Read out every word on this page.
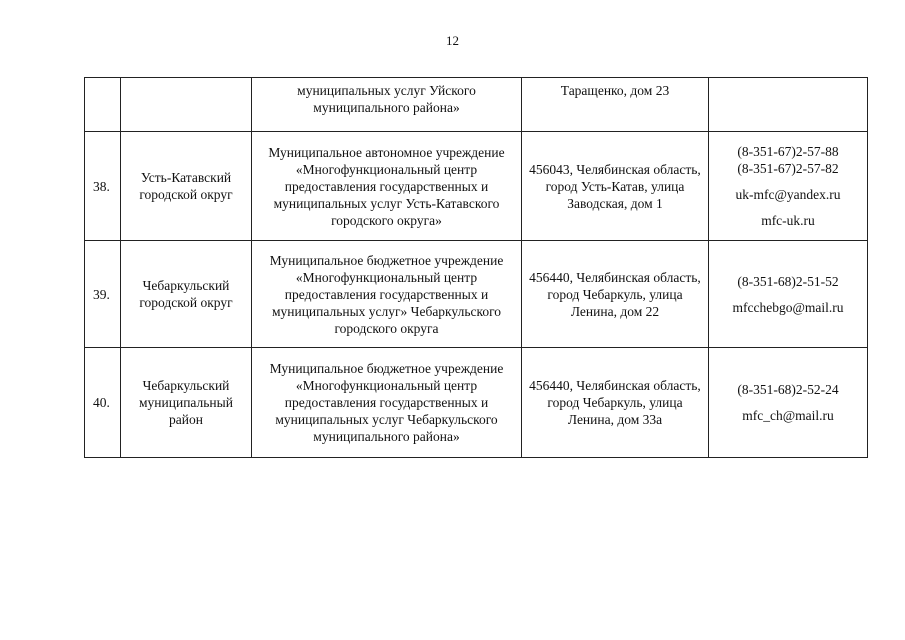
12
		муниципальных услуг Уйского муниципального района»	Таращенко, дом 23	
38.	Усть-Катавский городской округ	Муниципальное автономное учреждение «Многофункциональный центр предоставления государственных и муниципальных услуг Усть-Катавского городского округа»	456043, Челябинская область, город Усть-Катав, улица Заводская, дом 1	(8-351-67)2-57-88
(8-351-67)2-57-82
uk-mfc@yandex.ru
mfc-uk.ru

39.	Чебаркульский городской округ	Муниципальное бюджетное учреждение «Многофункциональный центр предоставления государственных и муниципальных услуг» Чебаркульского городского округа	456440, Челябинская область, город Чебаркуль, улица Ленина, дом 22	(8-351-68)2-51-52
mfcchebgo@mail.ru

40.	Чебаркульский муниципальный район	Муниципальное бюджетное учреждение «Многофункциональный центр предоставления государственных и муниципальных услуг Чебаркульского муниципального района»	456440, Челябинская область, город Чебаркуль, улица Ленина, дом 33а	(8-351-68)2-52-24
mfc_ch@mail.ru
